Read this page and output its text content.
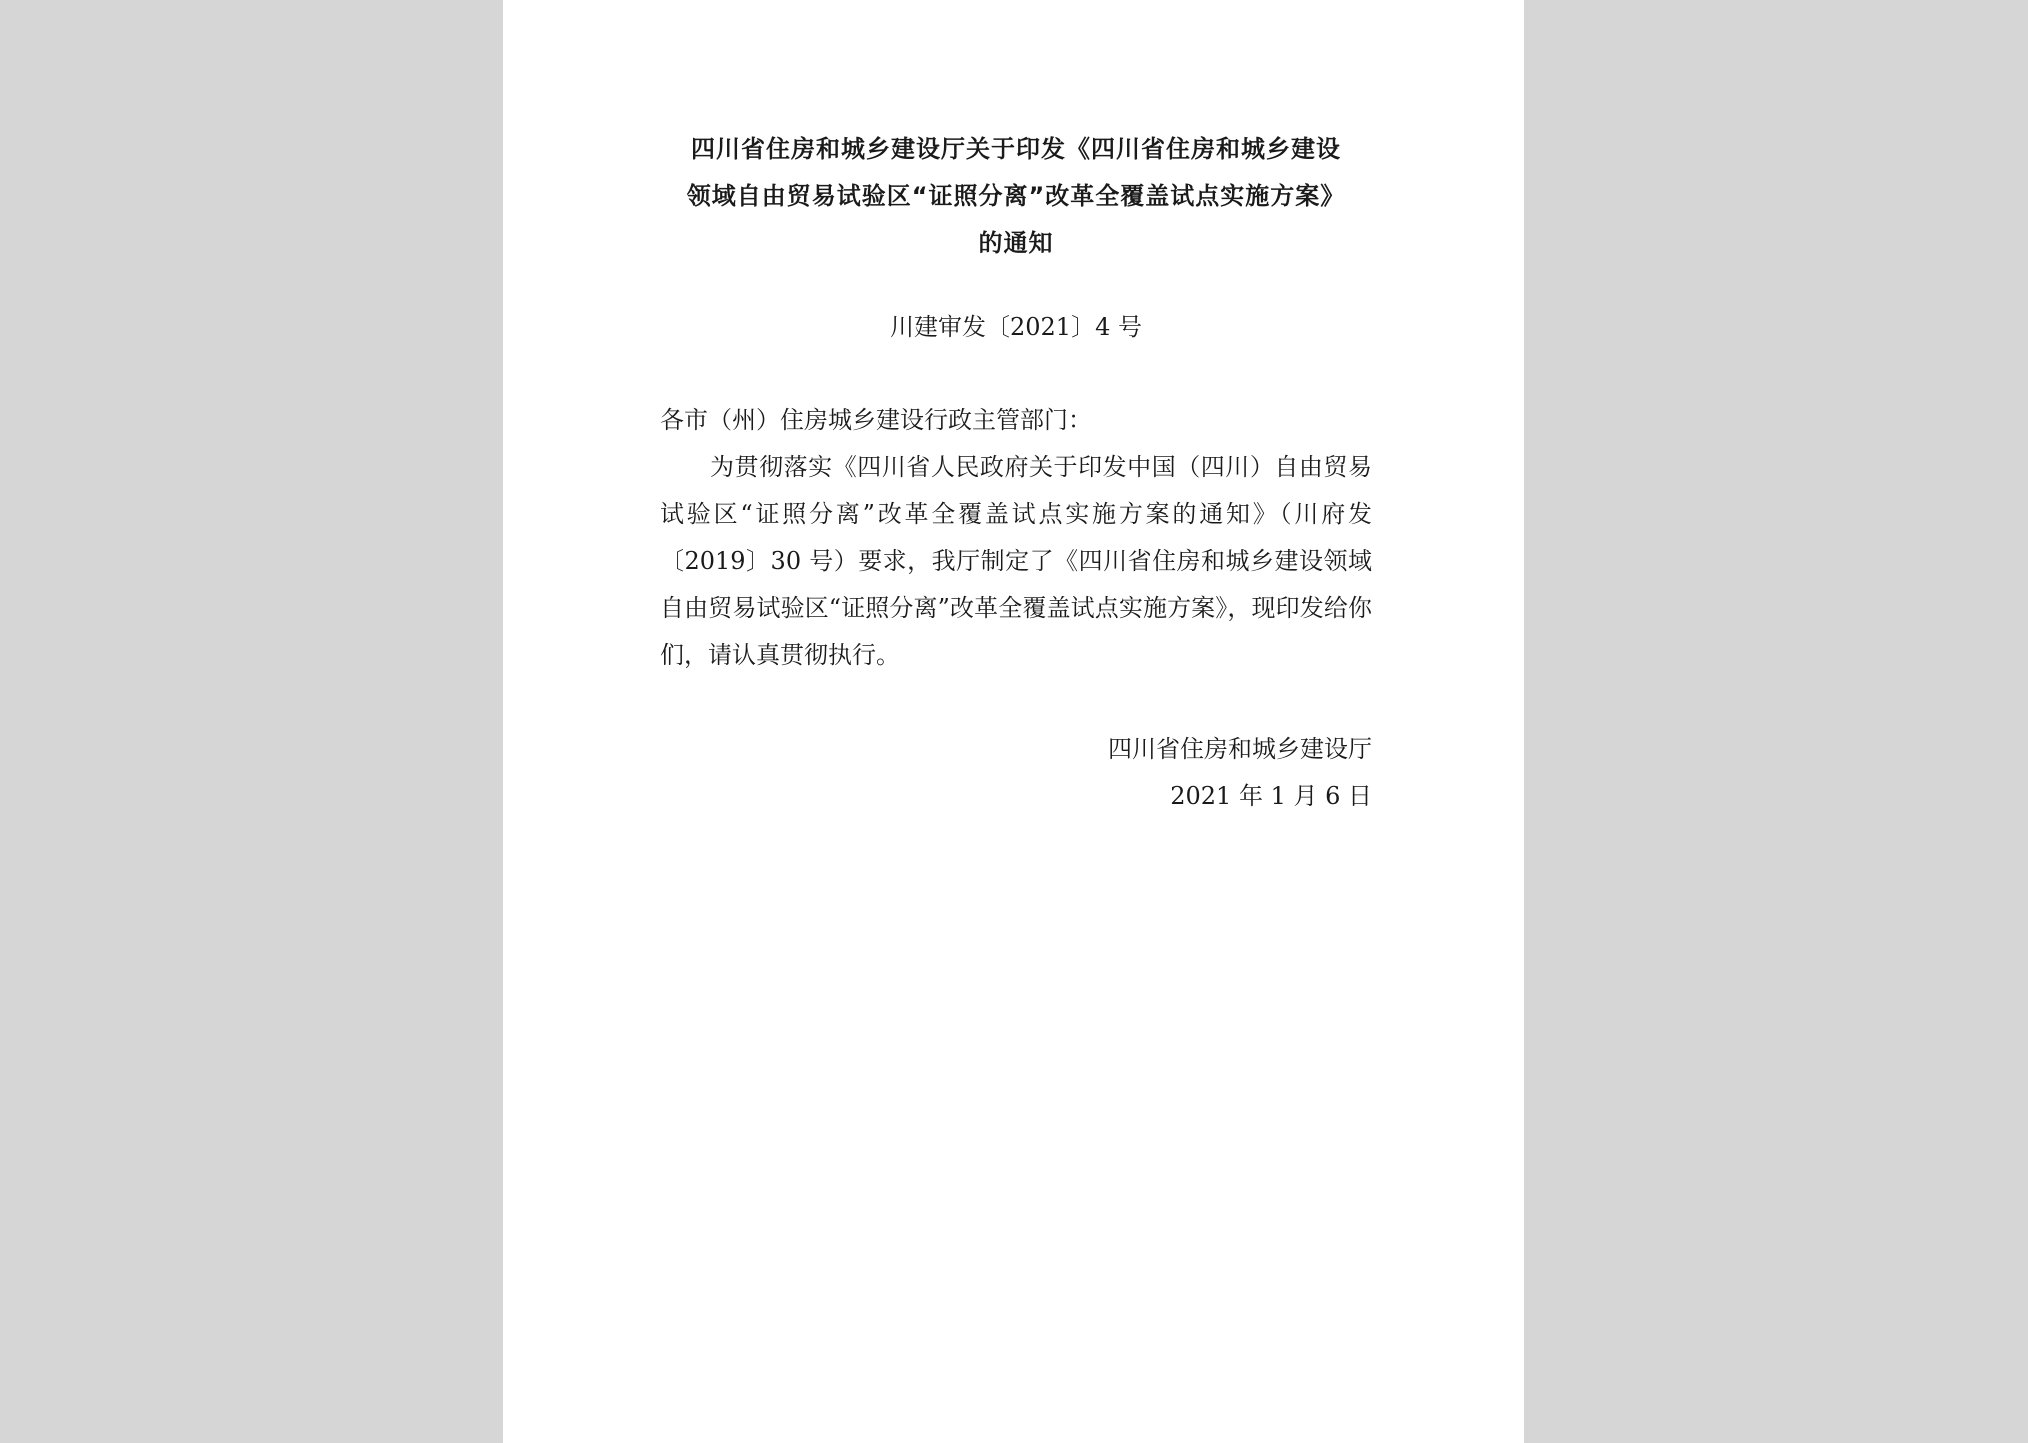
四川省住房和城乡建设厅关于印发《四川省住房和城乡建设
领域自由贸易试验区“证照分离”改革全覆盖试点实施方案》
的通知
川建审发〔2021〕4 号
各市（州）住房城乡建设行政主管部门：

为贯彻落实《四川省人民政府关于印发中国（四川）自由贸易试验区“证照分离”改革全覆盖试点实施方案的通知》（川府发〔2019〕30 号）要求，我厅制定了《四川省住房和城乡建设领域自由贸易试验区“证照分离”改革全覆盖试点实施方案》，现印发给你们，请认真贯彻执行。

四川省住房和城乡建设厅
2021 年 1 月 6 日
